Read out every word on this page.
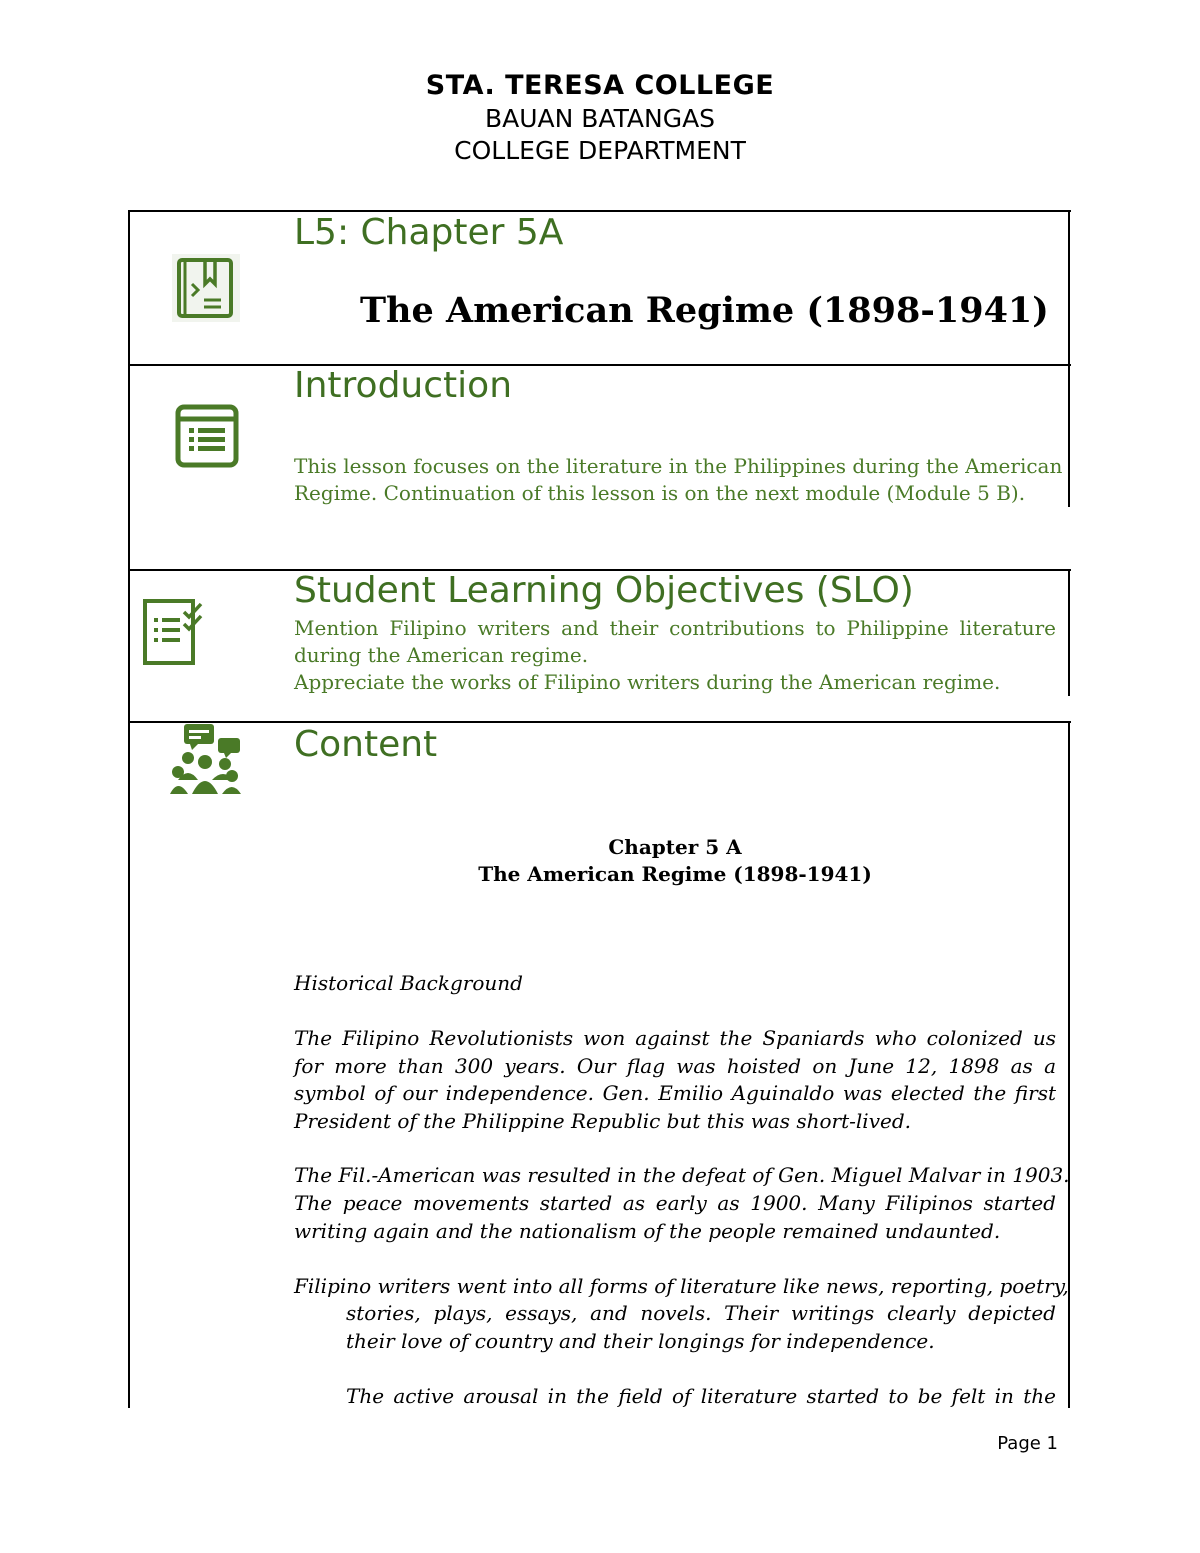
STA. TERESA COLLEGE
BAUAN BATANGAS
COLLEGE DEPARTMENT
L5: Chapter 5A
The American Regime (1898-1941)
Introduction
This lesson focuses on the literature in the Philippines during the American
Regime. Continuation of this lesson is on the next module (Module 5 B).
Student Learning Objectives (SLO)
Mention Filipino writers and their contributions to Philippine literature during the American regime.
Appreciate the works of Filipino writers during the American regime.
Content
Chapter 5 A
The American Regime (1898-1941)
Historical Background
The Filipino Revolutionists won against the Spaniards who colonized us for more than 300 years. Our flag was hoisted on June 12, 1898 as a symbol of our independence. Gen. Emilio Aguinaldo was elected the first President of the Philippine Republic but this was short-lived.
The Fil.-American was resulted in the defeat of Gen. Miguel Malvar in 1903.
The peace movements started as early as 1900. Many Filipinos started writing again and the nationalism of the people remained undaunted.
Filipino writers went into all forms of literature like news, reporting, poetry,
stories, plays, essays, and novels. Their writings clearly depicted their love of country and their longings for independence.
The active arousal in the field of literature started to be felt in the
Page 1
